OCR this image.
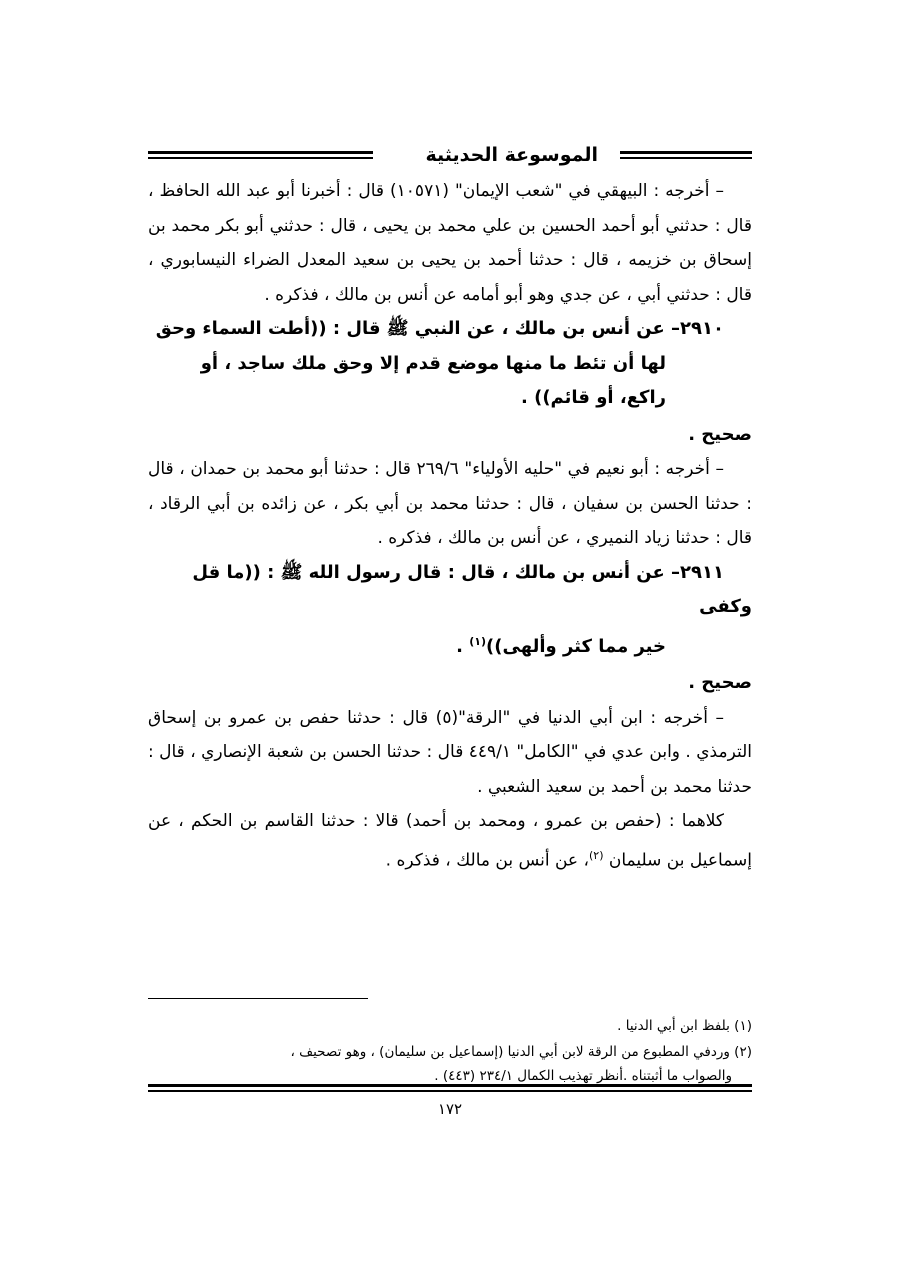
الموسوعة الحديثية

– أخرجه : البيهقي في "شعب الإيمان" (١٠٥٧١) قال : أخبرنا أبو عبد الله الحافظ ، قال : حدثني أبو أحمد الحسين بن علي محمد بن يحيى ، قال : حدثني أبو بكر محمد بن إسحاق بن خزيمه ، قال : حدثنا أحمد بن يحيى بن سعيد المعدل الضراء النيسابوري ، قال : حدثني أبي ، عن جدي وهو أبو أمامه عن أنس بن مالك ، فذكره .

٢٩١٠– عن أنس بن مالك ، عن النبي ﷺ قال : ((أطت السماء وحق
لها أن تئط ما منها موضع قدم إلا وحق ملك ساجد ، أو
راكع، أو قائم)) .

صحيح .

– أخرجه : أبو نعيم في "حليه الأولياء" ٢٦٩/٦ قال : حدثنا أبو محمد بن حمدان ، قال : حدثنا الحسن بن سفيان ، قال : حدثنا محمد بن أبي بكر ، عن زائده بن أبي الرقاد ، قال : حدثنا زياد النميري ، عن أنس بن مالك ، فذكره .

٢٩١١– عن أنس بن مالك ، قال : قال رسول الله ﷺ : ((ما قل وكفى
خير مما كثر وألهى))$^{(١)}$ .

صحيح .

– أخرجه : ابن أبي الدنيا في "الرقة"(٥) قال : حدثنا حفص بن عمرو بن إسحاق الترمذي . وابن عدي في "الكامل" ٤٤٩/١ قال : حدثنا الحسن بن شعبة الإنصاري ، قال : حدثنا محمد بن أحمد بن سعيد الشعبي .

كلاهما : (حفص بن عمرو ، ومحمد بن أحمد) قالا : حدثنا القاسم بن الحكم ، عن إسماعيل بن سليمان $^{(٢)}$، عن أنس بن مالك ، فذكره .

(١) بلفظ ابن أبي الدنيا .

(٢) وردفي المطبوع من الرقة لابن أبي الدنيا (إسماعيل بن سليمان) ، وهو تصحيف ،
والصواب ما أثبتناه .أنظر تهذيب الكمال ٢٣٤/١ (٤٤٣) .

١٧٢
